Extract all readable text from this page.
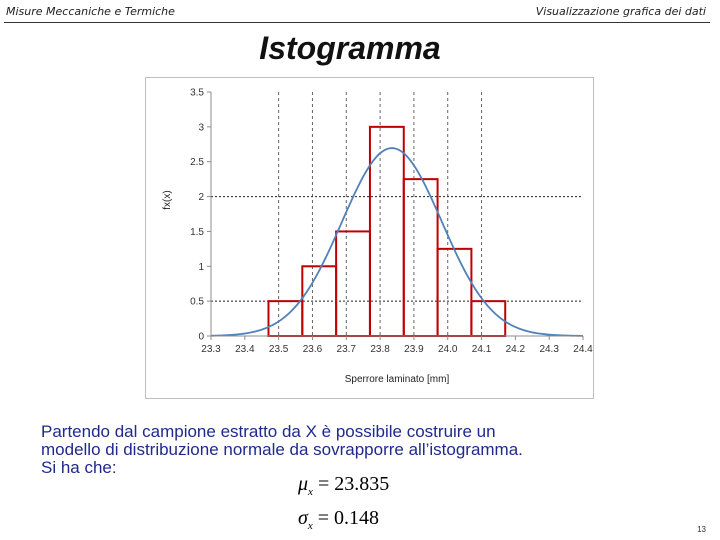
Misure Meccaniche e Termiche	Visualizzazione grafica dei dati
Istogramma
0
0.5
1
1.5
2
2.5
3
3.5
23.3 23.4 23.5 23.6 23.7 23.8 23.9 24.0 24.1 24.2 24.3 24.4
Sperrore laminato [mm]
fx(x)

Partendo dal campione estratto da X è possibile costruire un

modello di distribuzione normale da sovrapporre all’istogramma.

Si ha che:

$\mu_x = 23.835$
$\sigma_x = 0.148$
13
